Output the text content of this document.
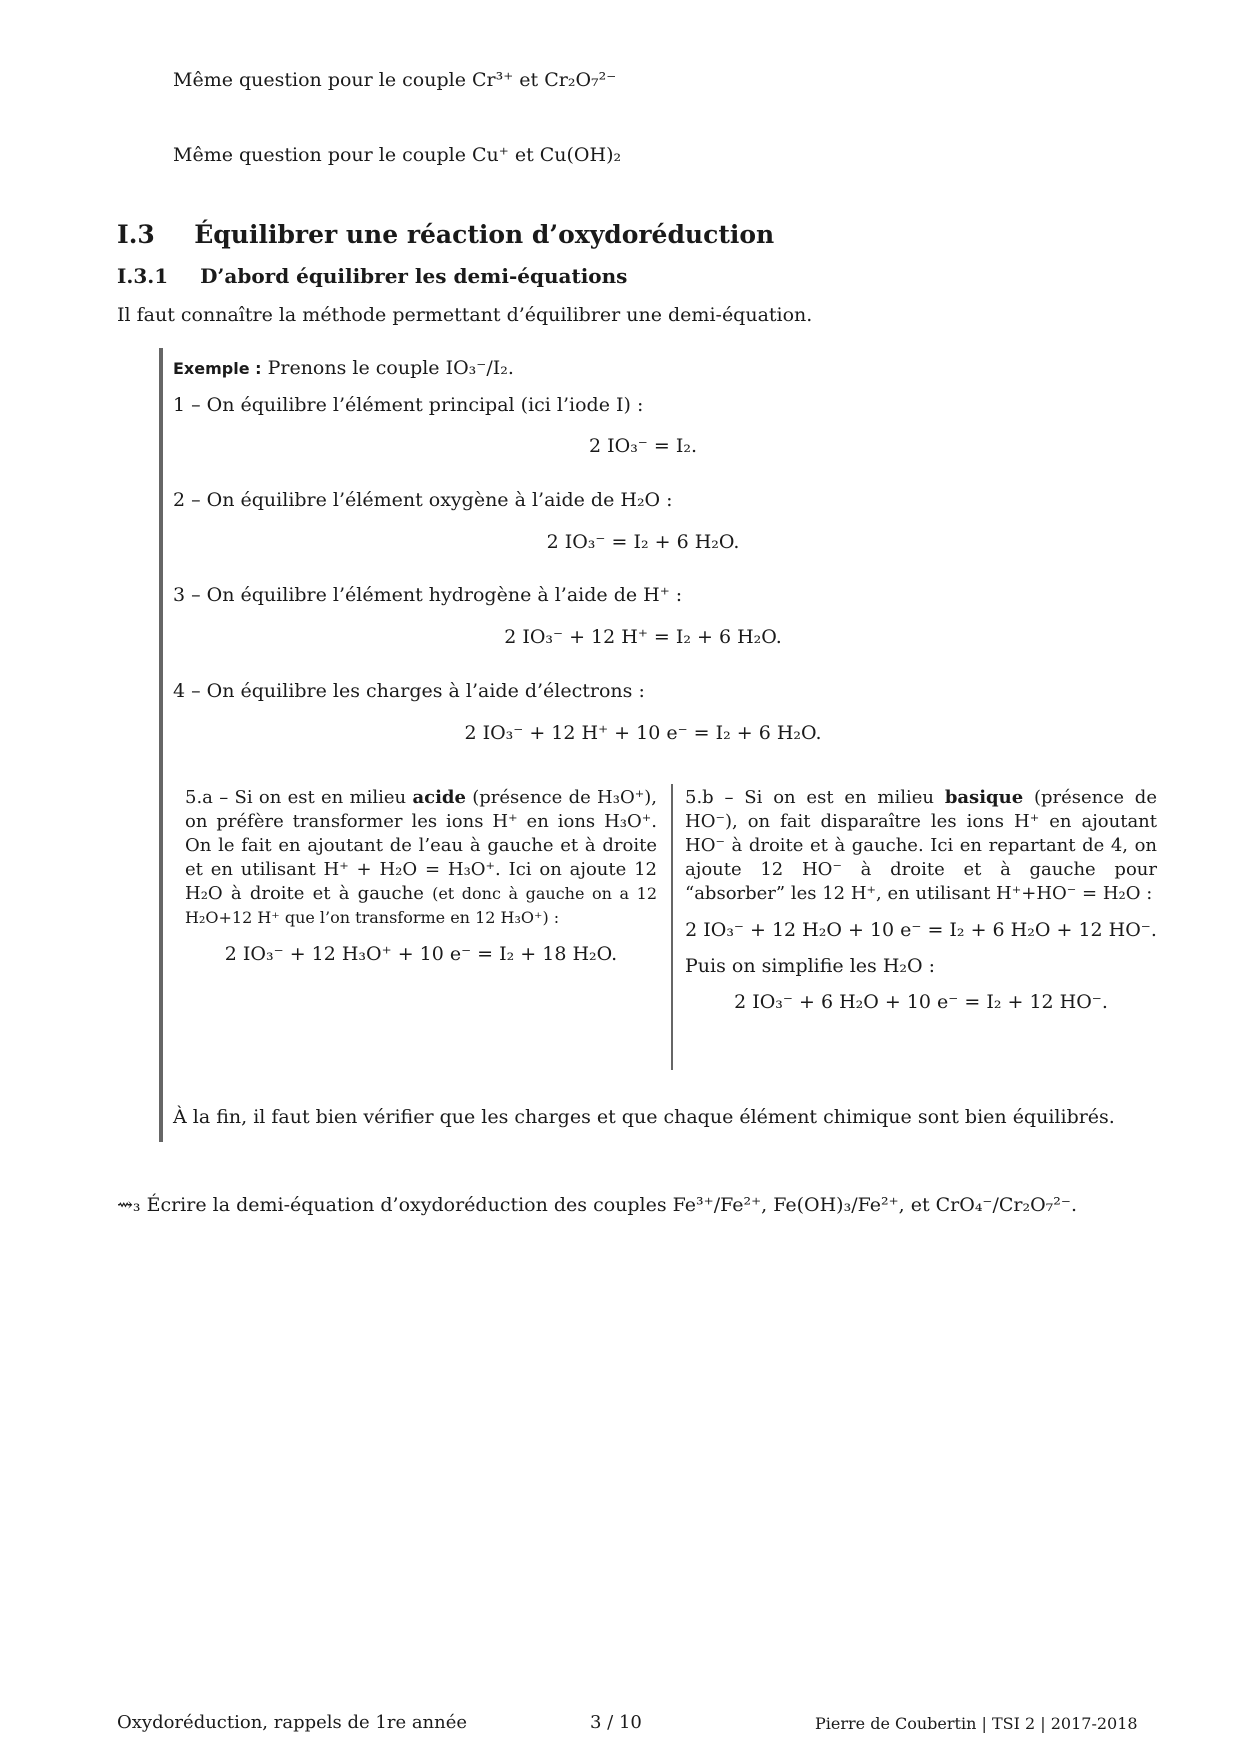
Même question pour le couple Cr³⁺ et Cr₂O₇²⁻
Même question pour le couple Cu⁺ et Cu(OH)₂
I.3 Équilibrer une réaction d’oxydoréduction
I.3.1 D’abord équilibrer les demi-équations
Il faut connaître la méthode permettant d’équilibrer une demi-équation.
Exemple : Prenons le couple IO₃⁻/I₂.
1 – On équilibre l’élément principal (ici l’iode I) :
2 IO₃⁻ = I₂.
2 – On équilibre l’élément oxygène à l’aide de H₂O :
2 IO₃⁻ = I₂ + 6 H₂O.
3 – On équilibre l’élément hydrogène à l’aide de H⁺ :
2 IO₃⁻ + 12 H⁺ = I₂ + 6 H₂O.
4 – On équilibre les charges à l’aide d’électrons :
2 IO₃⁻ + 12 H⁺ + 10 e⁻ = I₂ + 6 H₂O.
5.a – Si on est en milieu acide (présence de H₃O⁺), on préfère transformer les ions H⁺ en ions H₃O⁺. On le fait en ajoutant de l’eau à gauche et à droite et en utilisant H⁺ + H₂O = H₃O⁺. Ici on ajoute 12 H₂O à droite et à gauche (et donc à gauche on a 12 H₂O+12 H⁺ que l’on transforme en 12 H₃O⁺) :
2 IO₃⁻ + 12 H₃O⁺ + 10 e⁻ = I₂ + 18 H₂O.
5.b – Si on est en milieu basique (présence de HO⁻), on fait disparaître les ions H⁺ en ajoutant HO⁻ à droite et à gauche. Ici en repartant de 4, on ajoute 12 HO⁻ à droite et à gauche pour “absorber” les 12 H⁺, en utilisant H⁺+HO⁻ = H₂O :
2 IO₃⁻ + 12 H₂O + 10 e⁻ = I₂ + 6 H₂O + 12 HO⁻.
Puis on simplifie les H₂O :
2 IO₃⁻ + 6 H₂O + 10 e⁻ = I₂ + 12 HO⁻.
À la fin, il faut bien vérifier que les charges et que chaque élément chimique sont bien équilibrés.
⇝₃ Écrire la demi-équation d’oxydoréduction des couples Fe³⁺/Fe²⁺, Fe(OH)₃/Fe²⁺, et CrO₄⁻/Cr₂O₇²⁻.
Oxydoréduction, rappels de 1re année	3 / 10	Pierre de Coubertin | TSI 2 | 2017-2018
